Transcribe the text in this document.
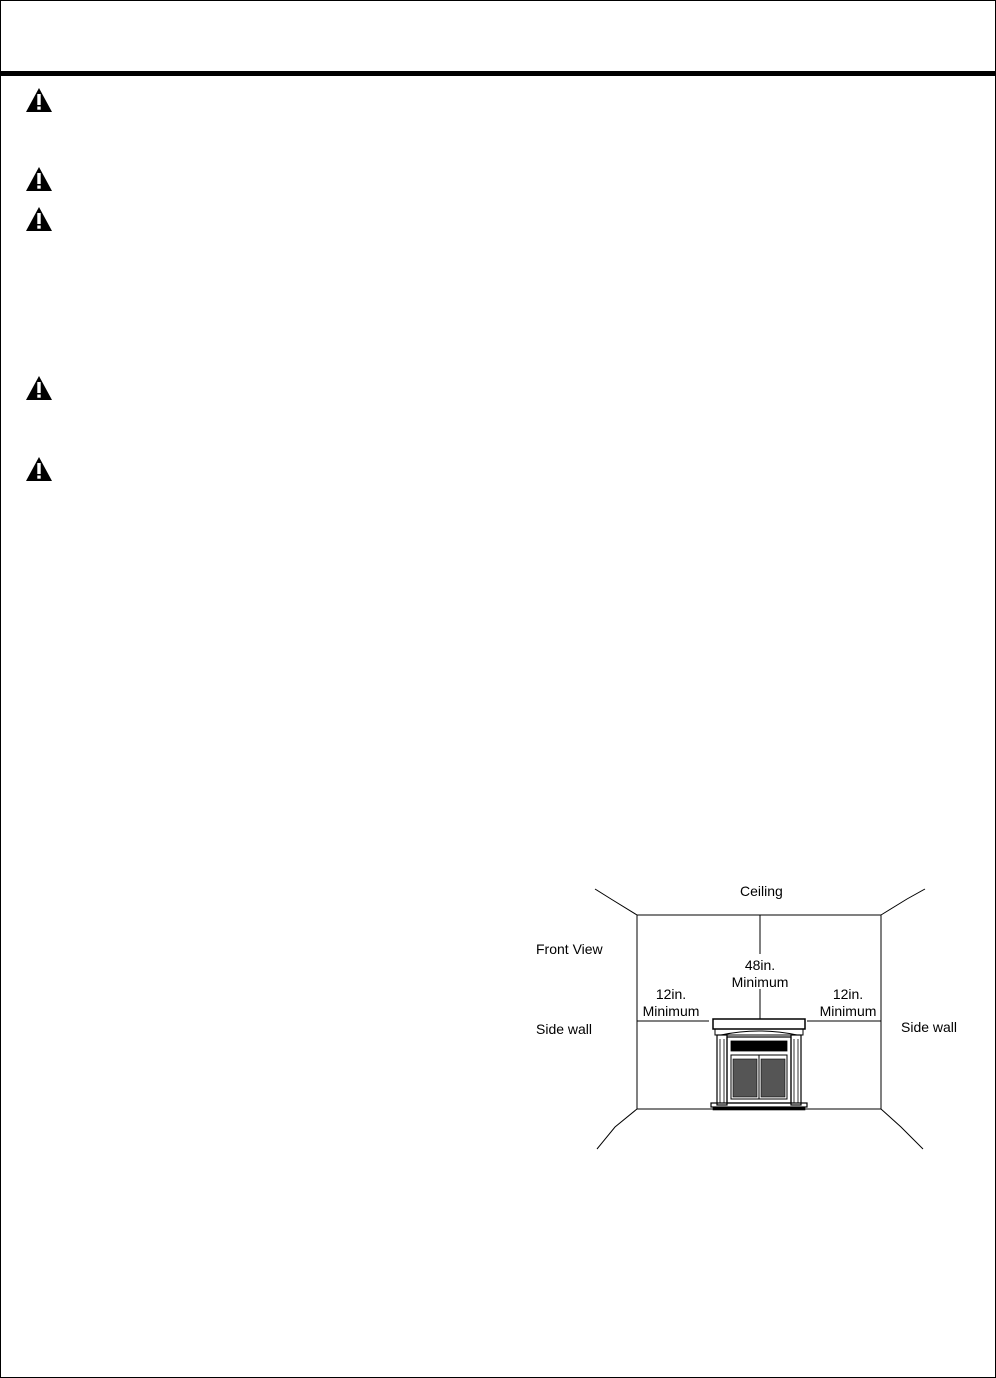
Ceiling
Front View
48in.
Minimum
12in.
Minimum
12in.
Minimum
Side wall	Side wall
